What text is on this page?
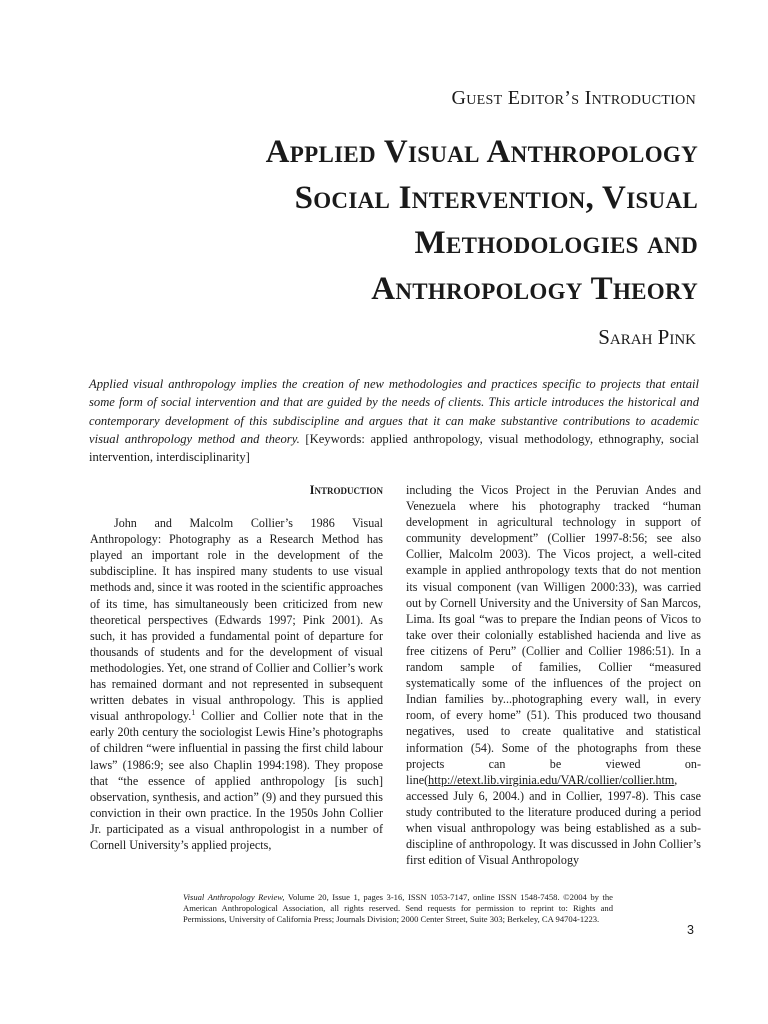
Guest Editor’s Introduction
Applied Visual Anthropology
Social Intervention, Visual
Methodologies and
Anthropology Theory
Sarah Pink
Applied visual anthropology implies the creation of new methodologies and practices specific to projects that entail some form of social intervention and that are guided by the needs of clients. This article introduces the historical and contemporary development of this subdiscipline and argues that it can make substantive contributions to academic visual anthropology method and theory. [Keywords: applied anthropology, visual methodology, ethnography, social intervention, interdisciplinarity]
Introduction

John and Malcolm Collier’s 1986 Visual Anthropology: Photography as a Research Method has played an important role in the development of the subdiscipline. It has inspired many students to use visual methods and, since it was rooted in the scientific approaches of its time, has simultaneously been criticized from new theoretical perspectives (Edwards 1997; Pink 2001). As such, it has provided a fundamental point of departure for thousands of students and for the development of visual methodologies. Yet, one strand of Collier and Collier’s work has remained dormant and not represented in subsequent written debates in visual anthropology. This is applied visual anthropology.$^1$ Collier and Collier note that in the early 20th century the sociologist Lewis Hine’s photographs of children “were influential in passing the first child labour laws” (1986:9; see also Chaplin 1994:198). They propose that “the essence of applied anthropology [is such] observation, synthesis, and action” (9) and they pursued this conviction in their own practice. In the 1950s John Collier Jr. participated as a visual anthropologist in a number of Cornell University’s applied projects,

including the Vicos Project in the Peruvian Andes and Venezuela where his photography tracked “human development in agricultural technology in support of community development” (Collier 1997-8:56; see also Collier, Malcolm 2003). The Vicos project, a well-cited example in applied anthropology texts that do not mention its visual component (van Willigen 2000:33), was carried out by Cornell University and the University of San Marcos, Lima. Its goal “was to prepare the Indian peons of Vicos to take over their colonially established hacienda and live as free citizens of Peru” (Collier and Collier 1986:51). In a random sample of families, Collier “measured systematically some of the influences of the project on Indian families by...photographing every wall, in every room, of every home” (51). This produced two thousand negatives, used to create qualitative and statistical information (54). Some of the photographs from these projects can be viewed on-line(http://etext.lib.virginia.edu/VAR/collier/collier.htm, accessed July 6, 2004.) and in Collier, 1997-8). This case study contributed to the literature produced during a period when visual anthropology was being established as a sub-discipline of anthropology. It was discussed in John Collier’s first edition of Visual Anthropology

Visual Anthropology Review, Volume 20, Issue 1, pages 3-16, ISSN 1053-7147, online ISSN 1548-7458. ©2004 by the American Anthropological Association, all rights reserved. Send requests for permission to reprint to: Rights and Permissions, University of California Press; Journals Division; 2000 Center Street, Suite 303; Berkeley, CA 94704-1223.
3
